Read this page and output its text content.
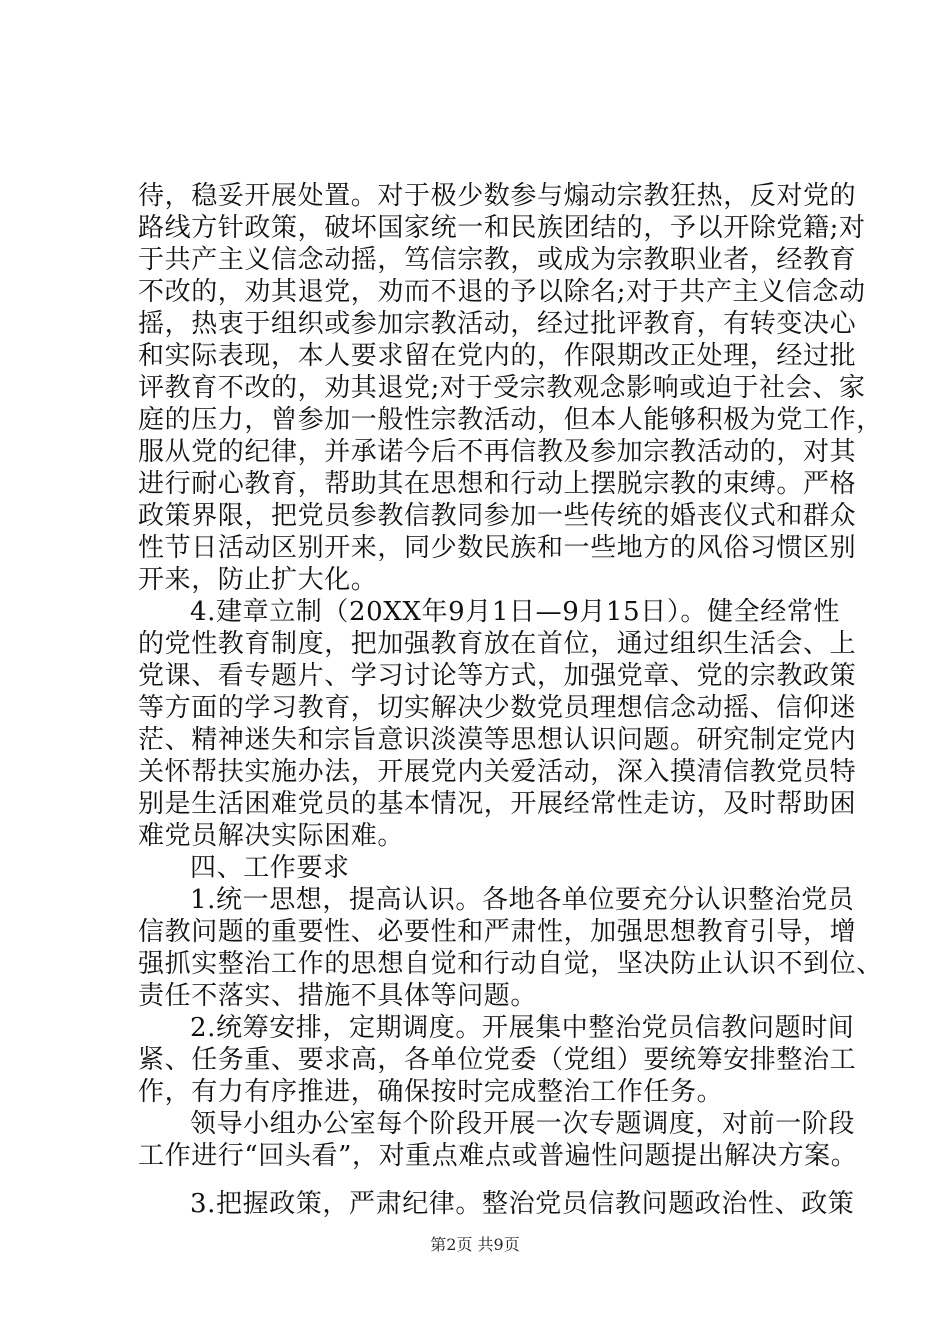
待，稳妥开展处置。对于极少数参与煽动宗教狂热，反对党的
路线方针政策，破坏国家统一和民族团结的，予以开除党籍;对
于共产主义信念动摇，笃信宗教，或成为宗教职业者，经教育
不改的，劝其退党，劝而不退的予以除名;对于共产主义信念动
摇，热衷于组织或参加宗教活动，经过批评教育，有转变决心
和实际表现，本人要求留在党内的，作限期改正处理，经过批
评教育不改的，劝其退党;对于受宗教观念影响或迫于社会、家
庭的压力，曾参加一般性宗教活动，但本人能够积极为党工作，
服从党的纪律，并承诺今后不再信教及参加宗教活动的，对其
进行耐心教育，帮助其在思想和行动上摆脱宗教的束缚。严格
政策界限，把党员参教信教同参加一些传统的婚丧仪式和群众
性节日活动区别开来，同少数民族和一些地方的风俗习惯区别
开来，防止扩大化。
4.建章立制（20XX年9月1日—9月15日）。健全经常性
的党性教育制度，把加强教育放在首位，通过组织生活会、上
党课、看专题片、学习讨论等方式，加强党章、党的宗教政策
等方面的学习教育，切实解决少数党员理想信念动摇、信仰迷
茫、精神迷失和宗旨意识淡漠等思想认识问题。研究制定党内
关怀帮扶实施办法，开展党内关爱活动，深入摸清信教党员特
别是生活困难党员的基本情况，开展经常性走访，及时帮助困
难党员解决实际困难。
四、工作要求
1.统一思想，提高认识。各地各单位要充分认识整治党员
信教问题的重要性、必要性和严肃性，加强思想教育引导，增
强抓实整治工作的思想自觉和行动自觉，坚决防止认识不到位、
责任不落实、措施不具体等问题。
2.统筹安排，定期调度。开展集中整治党员信教问题时间
紧、任务重、要求高，各单位党委（党组）要统筹安排整治工
作，有力有序推进，确保按时完成整治工作任务。
领导小组办公室每个阶段开展一次专题调度，对前一阶段
工作进行“回头看”，对重点难点或普遍性问题提出解决方案。
3.把握政策，严肃纪律。整治党员信教问题政治性、政策
第2页 共9页
